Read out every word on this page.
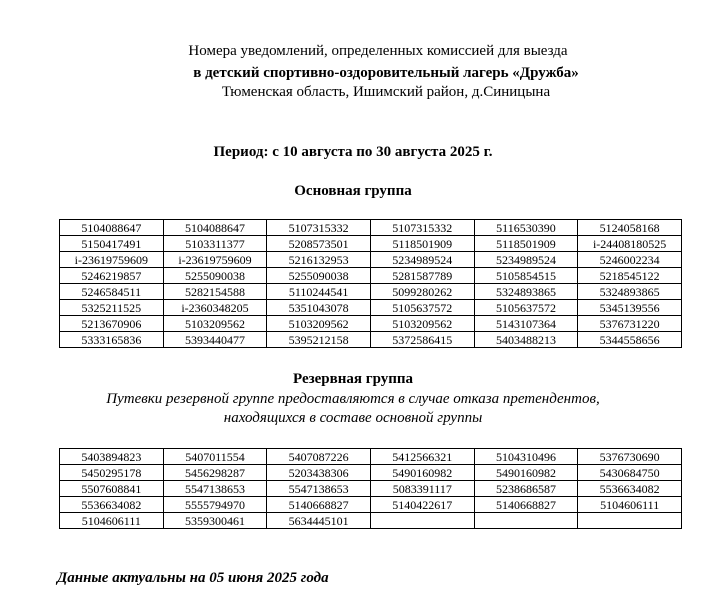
Номера уведомлений, определенных комиссией для выезда
в детский спортивно-оздоровительный лагерь «Дружба»
Тюменская область, Ишимский район, д.Синицына
Период: с 10 августа по 30 августа 2025 г.
Основная группа
5104088647	5104088647	5107315332	5107315332	5116530390	5124058168
5150417491	5103311377	5208573501	5118501909	5118501909	i-24408180525
i-23619759609	i-23619759609	5216132953	5234989524	5234989524	5246002234
5246219857	5255090038	5255090038	5281587789	5105854515	5218545122
5246584511	5282154588	5110244541	5099280262	5324893865	5324893865
5325211525	i-2360348205	5351043078	5105637572	5105637572	5345139556
5213670906	5103209562	5103209562	5103209562	5143107364	5376731220
5333165836	5393440477	5395212158	5372586415	5403488213	5344558656
Резервная группа
Путевки резервной группе предоставляются в случае отказа претендентов,
находящихся в составе основной группы
5403894823	5407011554	5407087226	5412566321	5104310496	5376730690
5450295178	5456298287	5203438306	5490160982	5490160982	5430684750
5507608841	5547138653	5547138653	5083391117	5238686587	5536634082
5536634082	5555794970	5140668827	5140422617	5140668827	5104606111
5104606111	5359300461	5634445101			
Данные актуальны на 05 июня 2025 года
